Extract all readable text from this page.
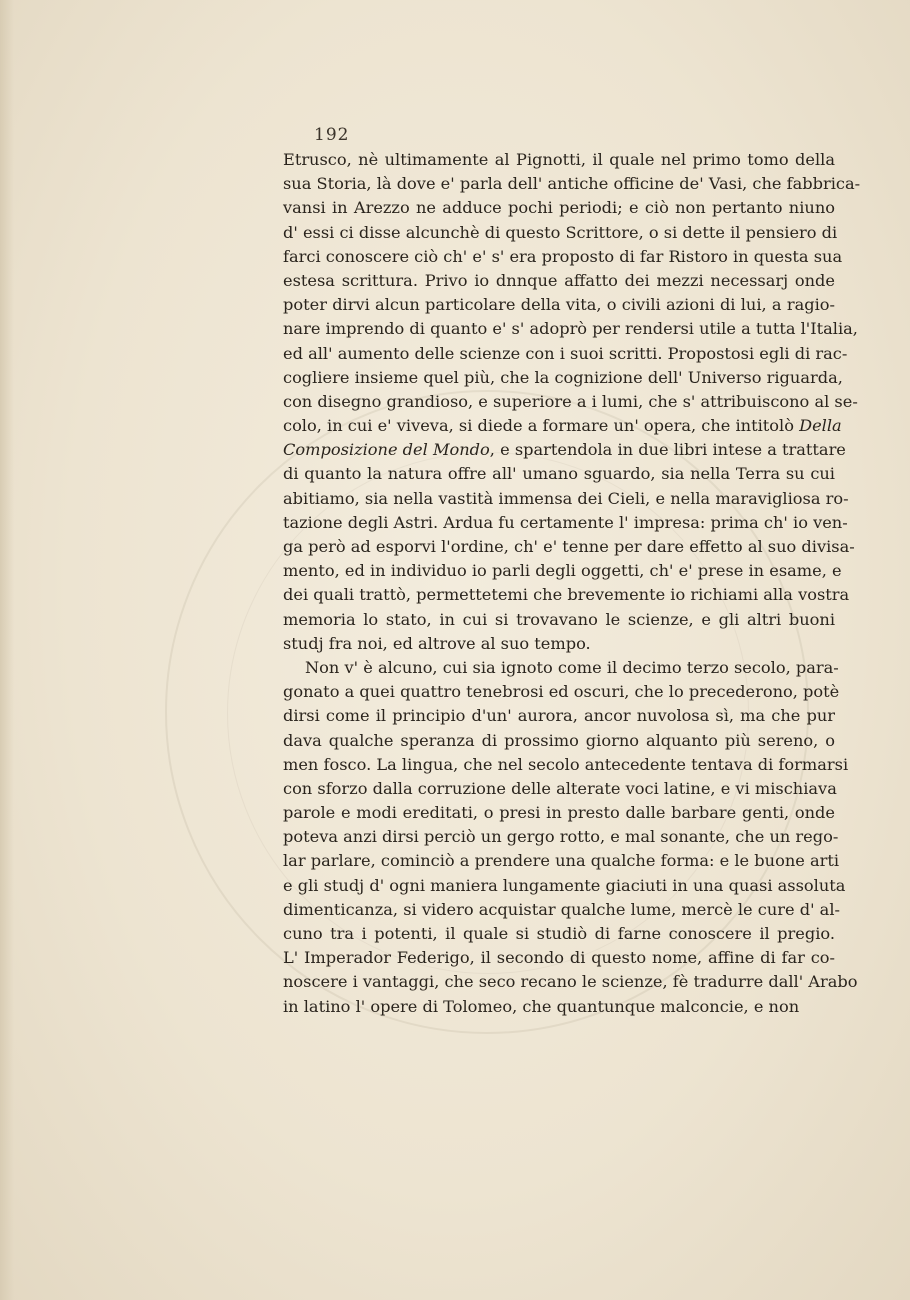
192
Etrusco, nè ultimamente al Pignotti, il quale nel primo tomo della
sua Storia, là dove e' parla dell' antiche officine de' Vasi, che fabbrica-
vansi in Arezzo ne adduce pochi periodi; e ciò non pertanto niuno
d' essi ci disse alcunchè di questo Scrittore, o si dette il pensiero di
farci conoscere ciò ch' e' s' era proposto di far Ristoro in questa sua
estesa scrittura. Privo io dnnque affatto dei mezzi necessarj onde
poter dirvi alcun particolare della vita, o civili azioni di lui, a ragio-
nare imprendo di quanto e' s' adoprò per rendersi utile a tutta l'Italia,
ed all' aumento delle scienze con i suoi scritti. Propostosi egli di rac-
cogliere insieme quel più, che la cognizione dell' Universo riguarda,
con disegno grandioso, e superiore a i lumi, che s' attribuiscono al se-
colo, in cui e' viveva, si diede a formare un' opera, che intitolò Della
Composizione del Mondo, e spartendola in due libri intese a trattare
di quanto la natura offre all' umano sguardo, sia nella Terra su cui
abitiamo, sia nella vastità immensa dei Cieli, e nella maravigliosa ro-
tazione degli Astri. Ardua fu certamente l' impresa: prima ch' io ven-
ga però ad esporvi l'ordine, ch' e' tenne per dare effetto al suo divisa-
mento, ed in individuo io parli degli oggetti, ch' e' prese in esame, e
dei quali trattò, permettetemi che brevemente io richiami alla vostra
memoria lo stato, in cui si trovavano le scienze, e gli altri buoni
studj fra noi, ed altrove al suo tempo.
Non v' è alcuno, cui sia ignoto come il decimo terzo secolo, para-
gonato a quei quattro tenebrosi ed oscuri, che lo precederono, potè
dirsi come il principio d'un' aurora, ancor nuvolosa sì, ma che pur
dava qualche speranza di prossimo giorno alquanto più sereno, o
men fosco. La lingua, che nel secolo antecedente tentava di formarsi
con sforzo dalla corruzione delle alterate voci latine, e vi mischiava
parole e modi ereditati, o presi in presto dalle barbare genti, onde
poteva anzi dirsi perciò un gergo rotto, e mal sonante, che un rego-
lar parlare, cominciò a prendere una qualche forma: e le buone arti
e gli studj d' ogni maniera lungamente giaciuti in una quasi assoluta
dimenticanza, si videro acquistar qualche lume, mercè le cure d' al-
cuno tra i potenti, il quale si studiò di farne conoscere il pregio.
L' Imperador Federigo, il secondo di questo nome, affine di far co-
noscere i vantaggi, che seco recano le scienze, fè tradurre dall' Arabo
in latino l' opere di Tolomeo, che quantunque malconcie, e non
